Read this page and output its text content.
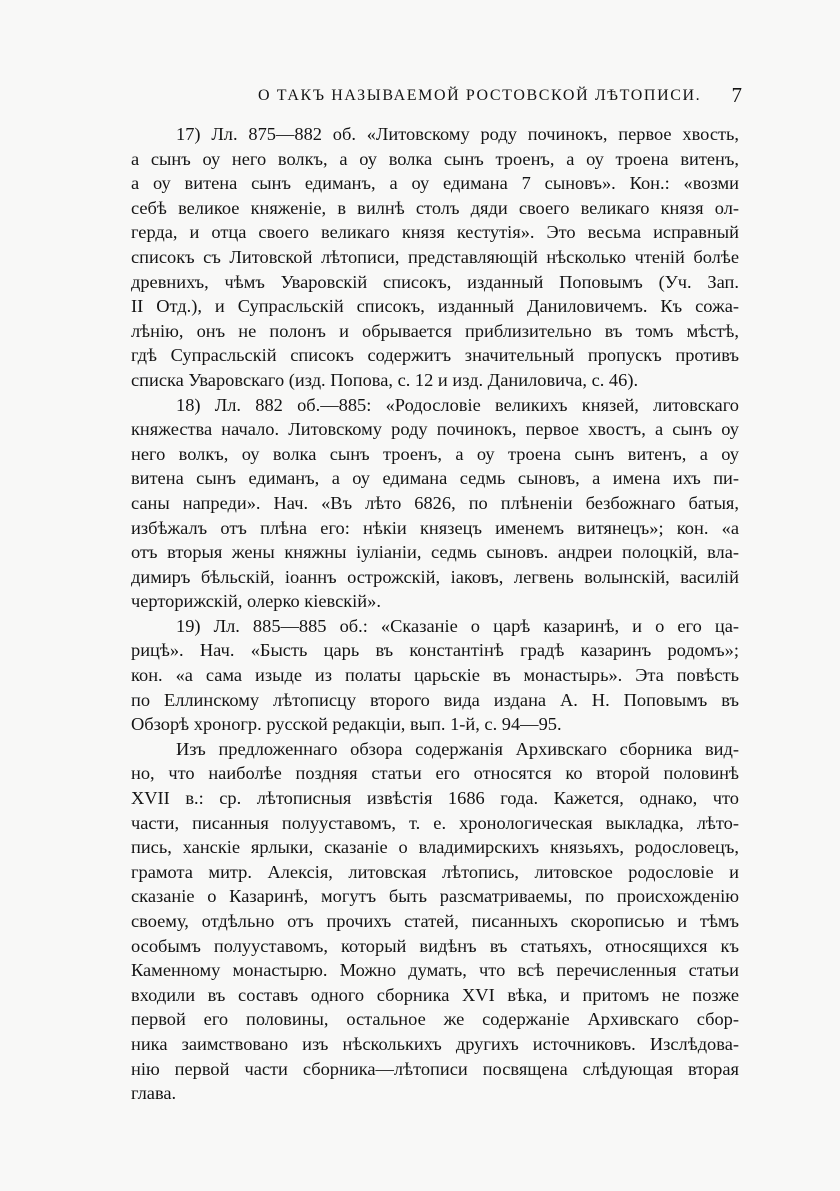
О ТАКЪ НАЗЫВАЕМОЙ РОСТОВСКОЙ ЛѢТОПИСИ. 7
17) Лл. 875—882 об. «Литовскому роду починокъ, первое хвость,
а сынъ оу него волкъ, а оу волка сынъ троенъ, а оу троена витенъ,
а оу витена сынъ едиманъ, а оу едимана 7 сыновъ». Кон.: «возми
себѣ великое княженіе, в вилнѣ столъ дяди своего великаго князя ол-
герда, и отца своего великаго князя кестутія». Это весьма исправный
списокъ съ Литовской лѣтописи, представляющій нѣсколько чтеній болѣе
древнихъ, чѣмъ Уваровскій списокъ, изданный Поповымъ (Уч. Зап.
II Отд.), и Супрасльскій списокъ, изданный Даниловичемъ. Къ сожа-
лѣнію, онъ не полонъ и обрывается приблизительно въ томъ мѣстѣ,
гдѣ Супрасльскій списокъ содержитъ значительный пропускъ противъ
списка Уваровскаго (изд. Попова, с. 12 и изд. Даниловича, с. 46).
18) Лл. 882 об.—885: «Родословіе великихъ князей, литовскаго
княжества начало. Литовскому роду починокъ, первое хвостъ, а сынъ оу
него волкъ, оу волка сынъ троенъ, а оу троена сынъ витенъ, а оу
витена сынъ едиманъ, а оу едимана седмь сыновъ, а имена ихъ пи-
саны напреди». Нач. «Въ лѣто 6826, по плѣненіи безбожнаго батыя,
избѣжалъ отъ плѣна его: нѣкіи князецъ именемъ витянецъ»; кон. «а
отъ вторыя жены княжны іуліаніи, седмь сыновъ. андреи полоцкій, вла-
димиръ бѣльскій, іоаннъ острожскій, іаковъ, легвень волынскій, василій
черторижскій, олерко кіевскій».
19) Лл. 885—885 об.: «Сказаніе о царѣ казаринѣ, и о его ца-
рицѣ». Нач. «Бысть царь въ константінѣ градѣ казаринъ родомъ»;
кон. «а сама изыде из полаты царьскіе въ монастырь». Эта повѣсть
по Еллинскому лѣтописцу второго вида издана А. Н. Поповымъ въ
Обзорѣ хроногр. русской редакціи, вып. 1-й, с. 94—95.
Изъ предложеннаго обзора содержанія Архивскаго сборника вид-
но, что наиболѣе поздняя статьи его относятся ко второй половинѣ
XVII в.: ср. лѣтописныя извѣстія 1686 года. Кажется, однако, что
части, писанныя полууставомъ, т. е. хронологическая выкладка, лѣто-
пись, ханскіе ярлыки, сказаніе о владимирскихъ князьяхъ, родословецъ,
грамота митр. Алексія, литовская лѣтопись, литовское родословіе и
сказаніе о Казаринѣ, могутъ быть разсматриваемы, по происхожденію
своему, отдѣльно отъ прочихъ статей, писанныхъ скорописью и тѣмъ
особымъ полууставомъ, который видѣнъ въ статьяхъ, относящихся къ
Каменному монастырю. Можно думать, что всѣ перечисленныя статьи
входили въ составъ одного сборника XVI вѣка, и притомъ не позже
первой его половины, остальное же содержаніе Архивскаго сбор-
ника заимствовано изъ нѣсколькихъ другихъ источниковъ. Изслѣдова-
нію первой части сборника—лѣтописи посвящена слѣдующая вторая
глава.
